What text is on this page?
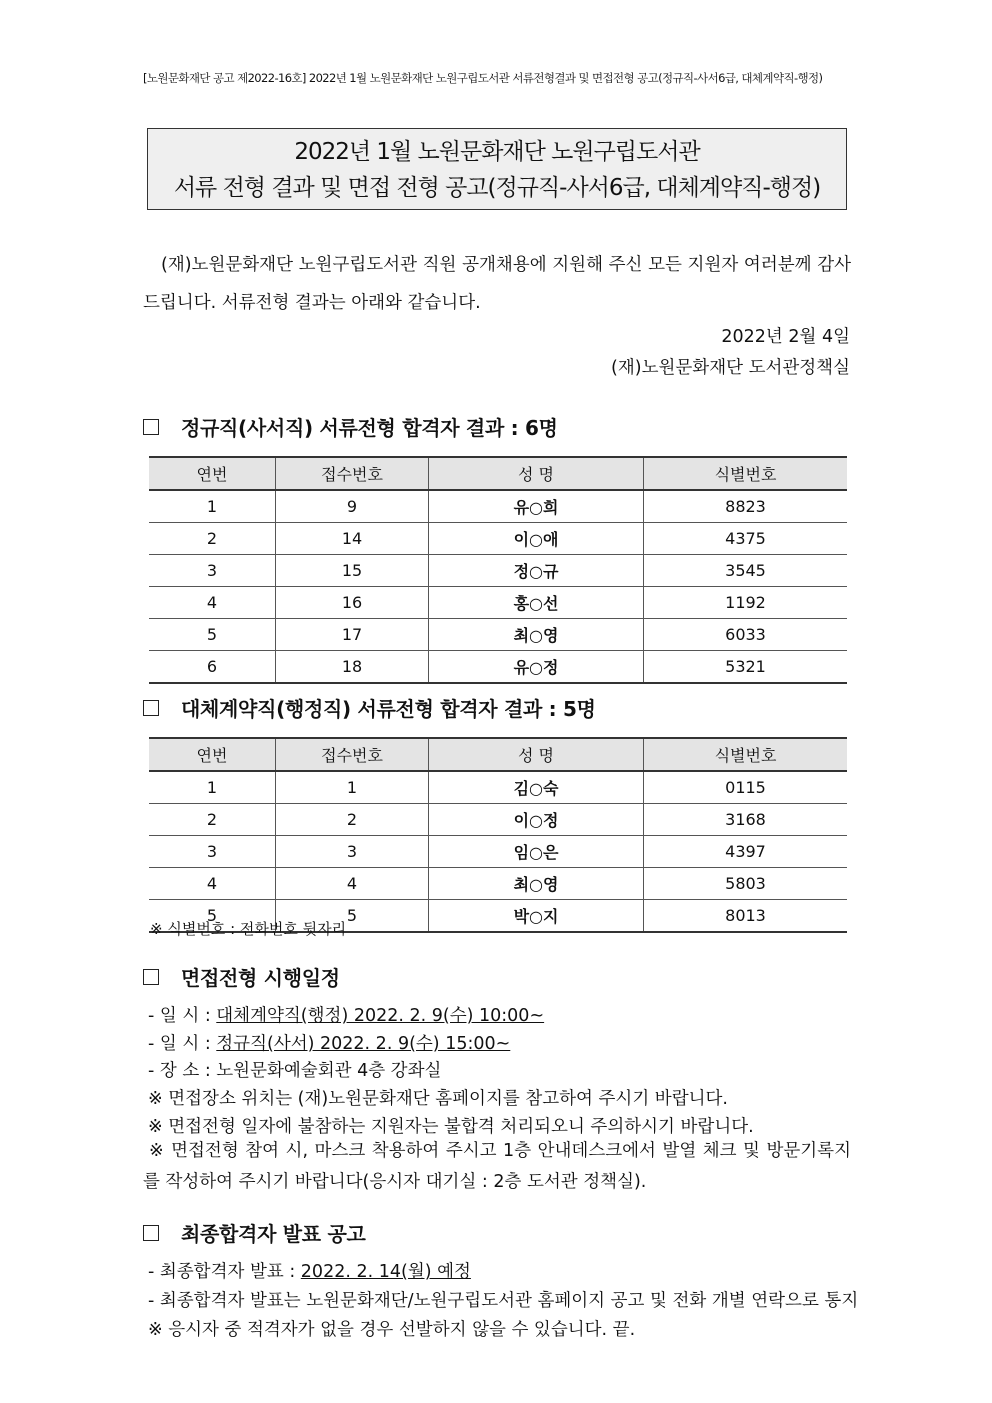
[노원문화재단 공고 제2022-16호] 2022년 1월 노원문화재단 노원구립도서관 서류전형결과 및 면접전형 공고(정규직-사서6급, 대체계약직-행정)
2022년 1월 노원문화재단 노원구립도서관
서류 전형 결과 및 면접 전형 공고(정규직-사서6급, 대체계약직-행정)
(재)노원문화재단 노원구립도서관 직원 공개채용에 지원해 주신 모든 지원자 여러분께 감사드립니다. 서류전형 결과는 아래와 같습니다.
2022년 2월 4일
(재)노원문화재단 도서관정책실
정규직(사서직) 서류전형 합격자 결과 : 6명
연번	접수번호	성 명	식별번호
1	9	유○희	8823
2	14	이○애	4375
3	15	정○규	3545
4	16	홍○선	1192
5	17	최○영	6033
6	18	유○정	5321
대체계약직(행정직) 서류전형 합격자 결과 : 5명
연번	접수번호	성 명	식별번호
1	1	김○숙	0115
2	2	이○정	3168
3	3	임○은	4397
4	4	최○영	5803
5	5	박○지	8013
※ 식별번호 : 전화번호 뒷자리
면접전형 시행일정
- 일 시 : 대체계약직(행정) 2022. 2. 9(수) 10:00~
- 일 시 : 정규직(사서) 2022. 2. 9(수) 15:00~
- 장 소 : 노원문화예술회관 4층 강좌실
※ 면접장소 위치는 (재)노원문화재단 홈페이지를 참고하여 주시기 바랍니다.
※ 면접전형 일자에 불참하는 지원자는 불합격 처리되오니 주의하시기 바랍니다.
※ 면접전형 참여 시, 마스크 착용하여 주시고 1층 안내데스크에서 발열 체크 및 방문기록지를 작성하여 주시기 바랍니다(응시자 대기실 : 2층 도서관 정책실).
최종합격자 발표 공고
- 최종합격자 발표 : 2022. 2. 14(월) 예정
- 최종합격자 발표는 노원문화재단/노원구립도서관 홈페이지 공고 및 전화 개별 연락으로 통지
※ 응시자 중 적격자가 없을 경우 선발하지 않을 수 있습니다. 끝.
